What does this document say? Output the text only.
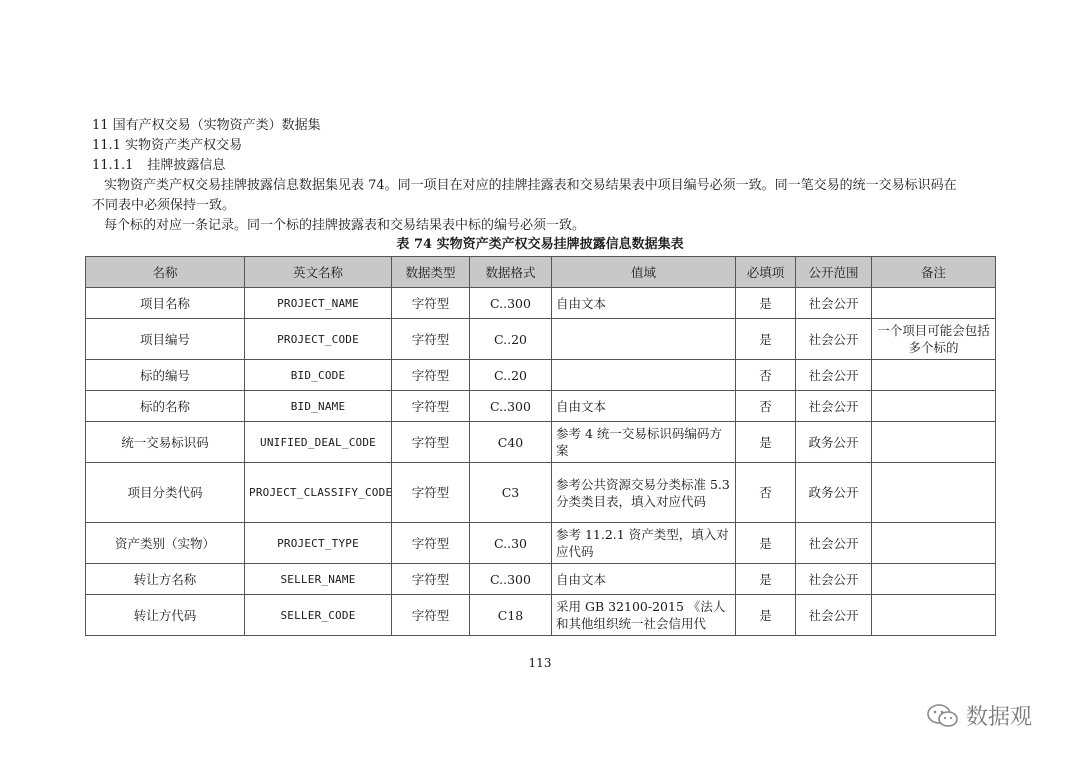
11 国有产权交易（实物资产类）数据集
11.1 实物资产类产权交易
11.1.1 挂牌披露信息
实物资产类产权交易挂牌披露信息数据集见表 74。同一项目在对应的挂牌挂露表和交易结果表中项目编号必须一致。同一笔交易的统一交易标识码在
不同表中必须保持一致。
每个标的对应一条记录。同一个标的挂牌披露表和交易结果表中标的编号必须一致。
表 74 实物资产类产权交易挂牌披露信息数据集表
名称	英文名称	数据类型	数据格式	值域	必填项	公开范围	备注
项目名称	PROJECT_NAME	字符型	C..300	自由文本	是	社会公开	
项目编号	PROJECT_CODE	字符型	C..20		是	社会公开	一个项目可能会包括多个标的
标的编号	BID_CODE	字符型	C..20		否	社会公开	
标的名称	BID_NAME	字符型	C..300	自由文本	否	社会公开	
统一交易标识码	UNIFIED_DEAL_CODE	字符型	C40	参考 4 统一交易标识码编码方案	是	政务公开	
项目分类代码	PROJECT_CLASSIFY_CODE	字符型	C3	参考公共资源交易分类标准 5.3 分类类目表，填入对应代码	否	政务公开	
资产类别（实物）	PROJECT_TYPE	字符型	C..30	参考 11.2.1 资产类型，填入对应代码	是	社会公开	
转让方名称	SELLER_NAME	字符型	C..300	自由文本	是	社会公开	
转让方代码	SELLER_CODE	字符型	C18	采用 GB 32100-2015 《法人和其他组织统一社会信用代	是	社会公开	
113
数据观
